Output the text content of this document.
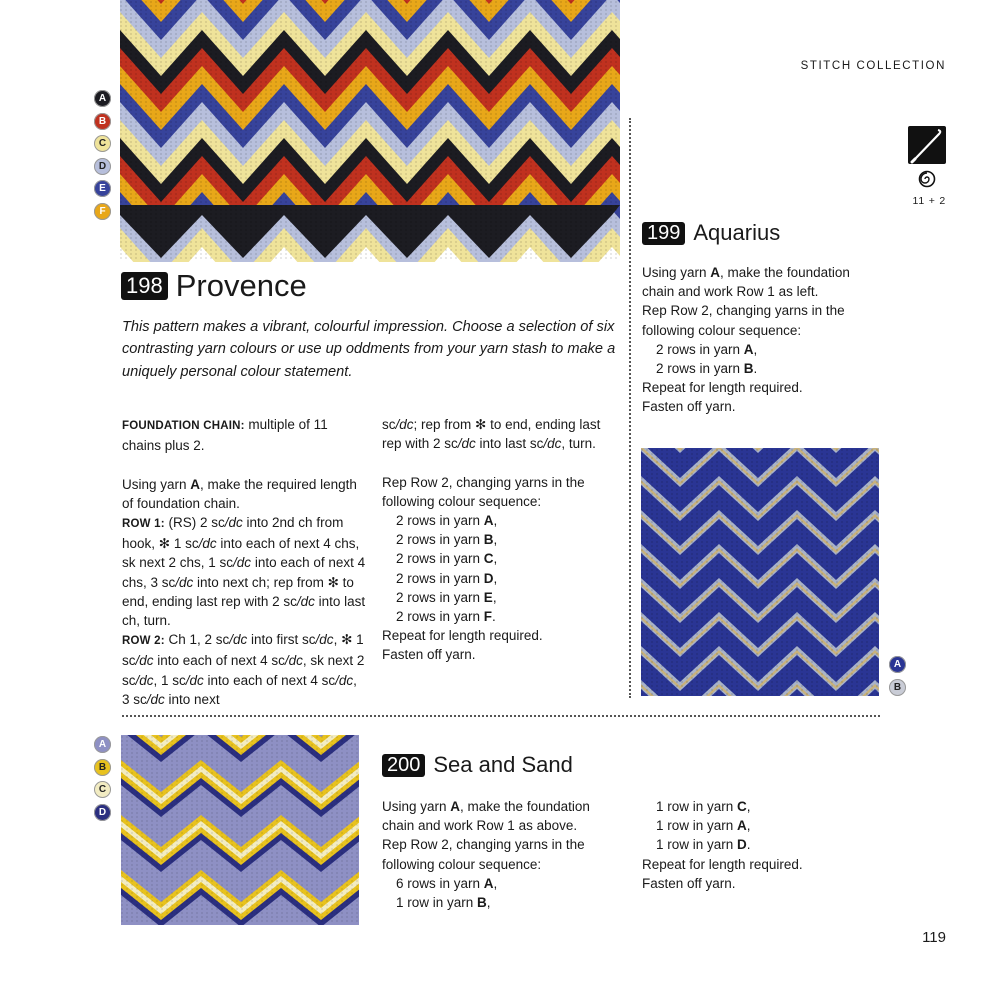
STITCH COLLECTION
11 + 2
A
B
C
D
E
F
198 Provence

This pattern makes a vibrant, colourful impression. Choose a selection of six contrasting yarn colours or use up oddments from your yarn stash to make a uniquely personal colour statement.

FOUNDATION CHAIN: multiple of 11 chains plus 2.

Using yarn A, make the required length of foundation chain.

ROW 1: (RS) 2 sc/dc into 2nd ch from hook, ✻ 1 sc/dc into each of next 4 chs, sk next 2 chs, 1 sc/dc into each of next 4 chs, 3 sc/dc into next ch; rep from ✻ to end, ending last rep with 2 sc/dc into last ch, turn.

ROW 2: Ch 1, 2 sc/dc into first sc/dc, ✻ 1 sc/dc into each of next 4 sc/dc, sk next 2 sc/dc, 1 sc/dc into each of next 4 sc/dc, 3 sc/dc into next

sc/dc; rep from ✻ to end, ending last rep with 2 sc/dc into last sc/dc, turn.

Rep Row 2, changing yarns in the following colour sequence:

2 rows in yarn A,

2 rows in yarn B,

2 rows in yarn C,

2 rows in yarn D,

2 rows in yarn E,

2 rows in yarn F.

Repeat for length required.

Fasten off yarn.

199 Aquarius

Using yarn A, make the foundation chain and work Row 1 as left.

Rep Row 2, changing yarns in the following colour sequence:

2 rows in yarn A,

2 rows in yarn B.

Repeat for length required.

Fasten off yarn.

A
B
A
B
C
D
200 Sea and Sand

Using yarn A, make the foundation chain and work Row 1 as above.

Rep Row 2, changing yarns in the following colour sequence:

6 rows in yarn A,

1 row in yarn B,

1 row in yarn C,

1 row in yarn A,

1 row in yarn D.

Repeat for length required.

Fasten off yarn.

119
